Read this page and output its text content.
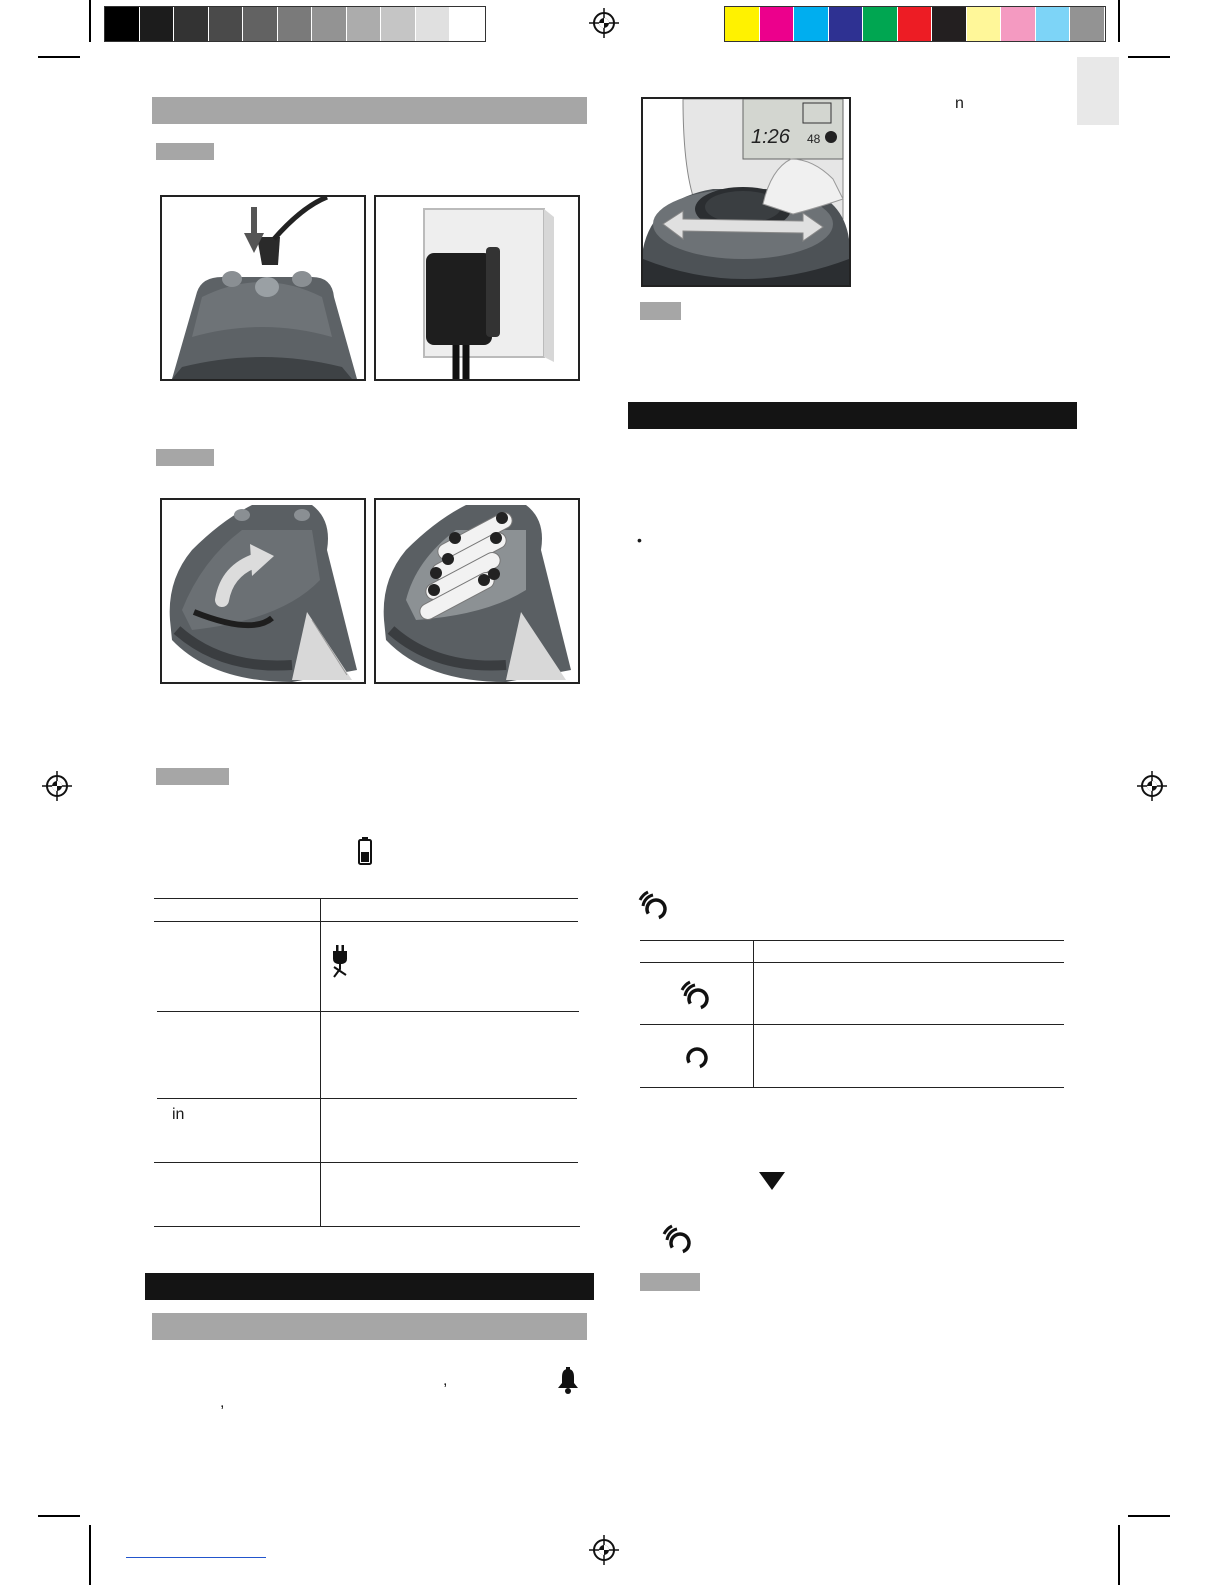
in
,
,
1:26 48
n
•
